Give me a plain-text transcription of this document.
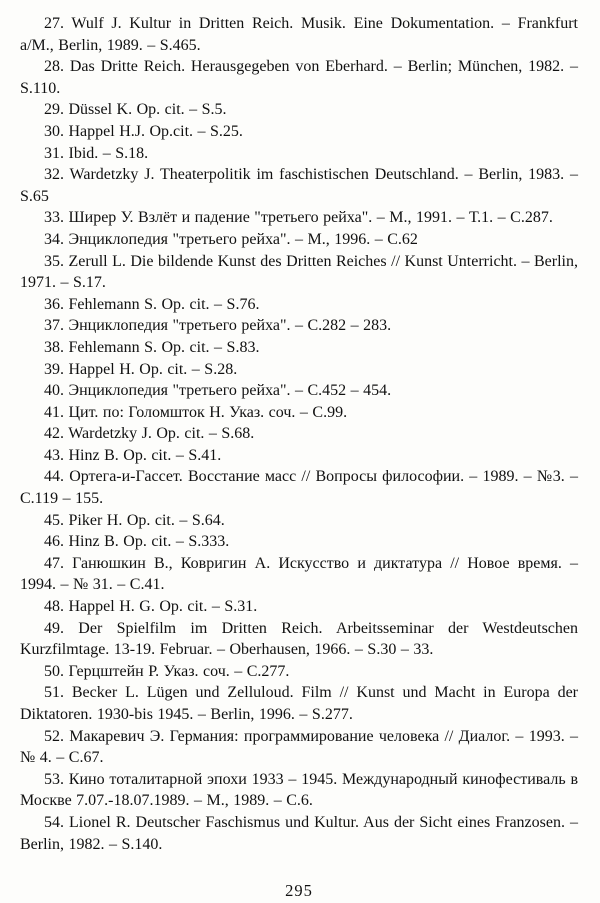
27. Wulf J. Kultur in Dritten Reich. Musik. Eine Dokumentation. – Frankfurt a/M., Berlin, 1989. – S.465.

28. Das Dritte Reich. Herausgegeben von Eberhard. – Berlin; München, 1982. – S.110.

29. Düssel K. Op. cit. – S.5.

30. Happel H.J. Op.cit. – S.25.

31. Ibid. – S.18.

32. Wardetzky J. Theaterpolitik im faschistischen Deutschland. – Berlin, 1983. – S.65

33. Ширер У. Взлёт и падение "третьего рейха". – М., 1991. – Т.1. – С.287.

34. Энциклопедия "третьего рейха". – М., 1996. – С.62

35. Zerull L. Die bildende Kunst des Dritten Reiches // Kunst Unterricht. – Berlin, 1971. – S.17.

36. Fehlemann S. Op. cit. – S.76.

37. Энциклопедия "третьего рейха". – С.282 – 283.

38. Fehlemann S. Op. cit. – S.83.

39. Happel H. Op. cit. – S.28.

40. Энциклопедия "третьего рейха". – С.452 – 454.

41. Цит. по: Голомшток Н. Указ. соч. – С.99.

42. Wardetzky J. Op. cit. – S.68.

43. Hinz B. Op. cit. – S.41.

44. Ортега-и-Гассет. Восстание масс // Вопросы философии. – 1989. – №3. – С.119 – 155.

45. Piker H. Op. cit. – S.64.

46. Hinz B. Op. cit. – S.333.

47. Ганюшкин В., Ковригин А. Искусство и диктатура // Новое время. – 1994. – № 31. – С.41.

48. Happel H. G. Op. cit. – S.31.

49. Der Spielfilm im Dritten Reich. Arbeitsseminar der Westdeutschen Kurzfilmtage. 13-19. Februar. – Oberhausen, 1966. – S.30 – 33.

50. Герцштейн Р. Указ. соч. – С.277.

51. Becker L. Lügen und Zelluloud. Film // Kunst und Macht in Europa der Diktatoren. 1930-bis 1945. – Berlin, 1996. – S.277.

52. Макаревич Э. Германия: программирование человека // Диалог. – 1993. – № 4. – С.67.

53. Кино тоталитарной эпохи 1933 – 1945. Международный кинофестиваль в Москве 7.07.-18.07.1989. – М., 1989. – С.6.

54. Lionel R. Deutscher Faschismus und Kultur. Aus der Sicht eines Franzosen. – Berlin, 1982. – S.140.

295
